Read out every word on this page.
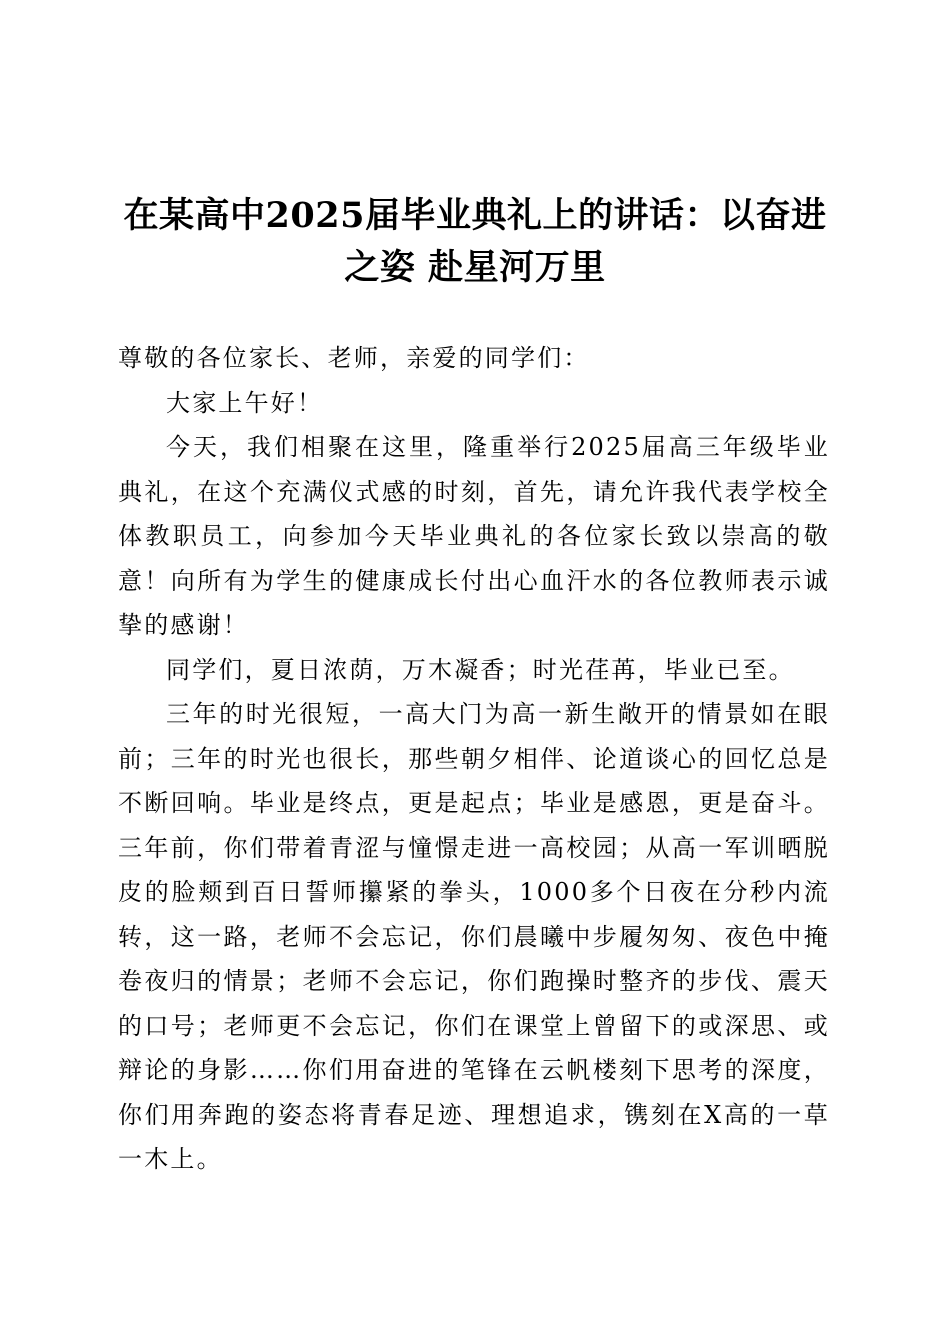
在某高中2025届毕业典礼上的讲话：以奋进
之姿 赴星河万里

尊敬的各位家长、老师，亲爱的同学们：

大家上午好！

今天，我们相聚在这里，隆重举行2025届高三年级毕业典礼，在这个充满仪式感的时刻，首先，请允许我代表学校全体教职员工，向参加今天毕业典礼的各位家长致以崇高的敬意！向所有为学生的健康成长付出心血汗水的各位教师表示诚挚的感谢！

同学们，夏日浓荫，万木凝香；时光荏苒，毕业已至。

三年的时光很短，一高大门为高一新生敞开的情景如在眼前；三年的时光也很长，那些朝夕相伴、论道谈心的回忆总是不断回响。毕业是终点，更是起点；毕业是感恩，更是奋斗。三年前，你们带着青涩与憧憬走进一高校园；从高一军训晒脱皮的脸颊到百日誓师攥紧的拳头，1000多个日夜在分秒内流转，这一路，老师不会忘记，你们晨曦中步履匆匆、夜色中掩卷夜归的情景；老师不会忘记，你们跑操时整齐的步伐、震天的口号；老师更不会忘记，你们在课堂上曾留下的或深思、或辩论的身影……你们用奋进的笔锋在云帆楼刻下思考的深度，你们用奔跑的姿态将青春足迹、理想追求，镌刻在X高的一草一木上。
